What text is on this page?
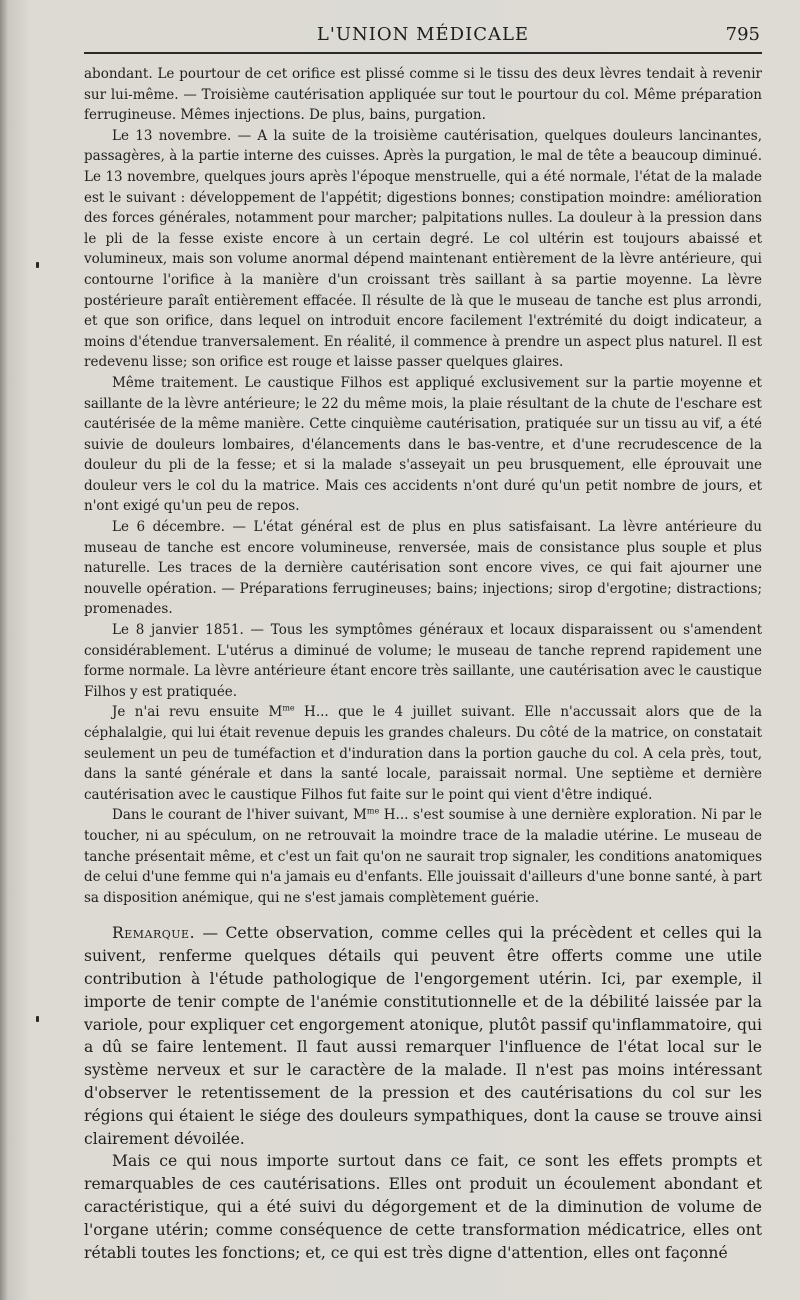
L'UNION MÉDICALE	795

abondant. Le pourtour de cet orifice est plissé comme si le tissu des deux lèvres tendait à revenir sur lui-même. — Troisième cautérisation appliquée sur tout le pourtour du col. Même préparation ferrugineuse. Mêmes injections. De plus, bains, purgation.

Le 13 novembre. — A la suite de la troisième cautérisation, quelques douleurs lancinantes, passagères, à la partie interne des cuisses. Après la purgation, le mal de tête a beaucoup diminué. Le 13 novembre, quelques jours après l'époque menstruelle, qui a été normale, l'état de la malade est le suivant : développement de l'appétit; digestions bonnes; constipation moindre: amélioration des forces générales, notamment pour marcher; palpitations nulles. La douleur à la pression dans le pli de la fesse existe encore à un certain degré. Le col ultérin est toujours abaissé et volumineux, mais son volume anormal dépend maintenant entièrement de la lèvre antérieure, qui contourne l'orifice à la manière d'un croissant très saillant à sa partie moyenne. La lèvre postérieure paraît entièrement effacée. Il résulte de là que le museau de tanche est plus arrondi, et que son orifice, dans lequel on introduit encore facilement l'extrémité du doigt indicateur, a moins d'étendue tranversalement. En réalité, il commence à prendre un aspect plus naturel. Il est redevenu lisse; son orifice est rouge et laisse passer quelques glaires.

Même traitement. Le caustique Filhos est appliqué exclusivement sur la partie moyenne et saillante de la lèvre antérieure; le 22 du même mois, la plaie résultant de la chute de l'eschare est cautérisée de la même manière. Cette cinquième cautérisation, pratiquée sur un tissu au vif, a été suivie de douleurs lombaires, d'élancements dans le bas-ventre, et d'une recrudescence de la douleur du pli de la fesse; et si la malade s'asseyait un peu brusquement, elle éprouvait une douleur vers le col du la matrice. Mais ces accidents n'ont duré qu'un petit nombre de jours, et n'ont exigé qu'un peu de repos.

Le 6 décembre. — L'état général est de plus en plus satisfaisant. La lèvre antérieure du museau de tanche est encore volumineuse, renversée, mais de consistance plus souple et plus naturelle. Les traces de la dernière cautérisation sont encore vives, ce qui fait ajourner une nouvelle opération. — Préparations ferrugineuses; bains; injections; sirop d'ergotine; distractions; promenades.

Le 8 janvier 1851. — Tous les symptômes généraux et locaux disparaissent ou s'amendent considérablement. L'utérus a diminué de volume; le museau de tanche reprend rapidement une forme normale. La lèvre antérieure étant encore très saillante, une cautérisation avec le caustique Filhos y est pratiquée.

Je n'ai revu ensuite $M^{me}$ H... que le 4 juillet suivant. Elle n'accussait alors que de la céphalalgie, qui lui était revenue depuis les grandes chaleurs. Du côté de la matrice, on constatait seulement un peu de tuméfaction et d'induration dans la portion gauche du col. A cela près, tout, dans la santé générale et dans la santé locale, paraissait normal. Une septième et dernière cautérisation avec le caustique Filhos fut faite sur le point qui vient d'être indiqué.

Dans le courant de l'hiver suivant, $M^{me}$ H... s'est soumise à une dernière exploration. Ni par le toucher, ni au spéculum, on ne retrouvait la moindre trace de la maladie utérine. Le museau de tanche présentait même, et c'est un fait qu'on ne saurait trop signaler, les conditions anatomiques de celui d'une femme qui n'a jamais eu d'enfants. Elle jouissait d'ailleurs d'une bonne santé, à part sa disposition anémique, qui ne s'est jamais complètement guérie.

Remarque. — Cette observation, comme celles qui la précèdent et celles qui la suivent, renferme quelques détails qui peuvent être offerts comme une utile contribution à l'étude pathologique de l'engorgement utérin. Ici, par exemple, il importe de tenir compte de l'anémie constitutionnelle et de la débilité laissée par la variole, pour expliquer cet engorgement atonique, plutôt passif qu'inflammatoire, qui a dû se faire lentement. Il faut aussi remarquer l'influence de l'état local sur le système nerveux et sur le caractère de la malade. Il n'est pas moins intéressant d'observer le retentissement de la pression et des cautérisations du col sur les régions qui étaient le siége des douleurs sympathiques, dont la cause se trouve ainsi clairement dévoilée.

Mais ce qui nous importe surtout dans ce fait, ce sont les effets prompts et remarquables de ces cautérisations. Elles ont produit un écoulement abondant et caractéristique, qui a été suivi du dégorgement et de la diminution de volume de l'organe utérin; comme conséquence de cette transformation médicatrice, elles ont rétabli toutes les fonctions; et, ce qui est très digne d'attention, elles ont façonné
